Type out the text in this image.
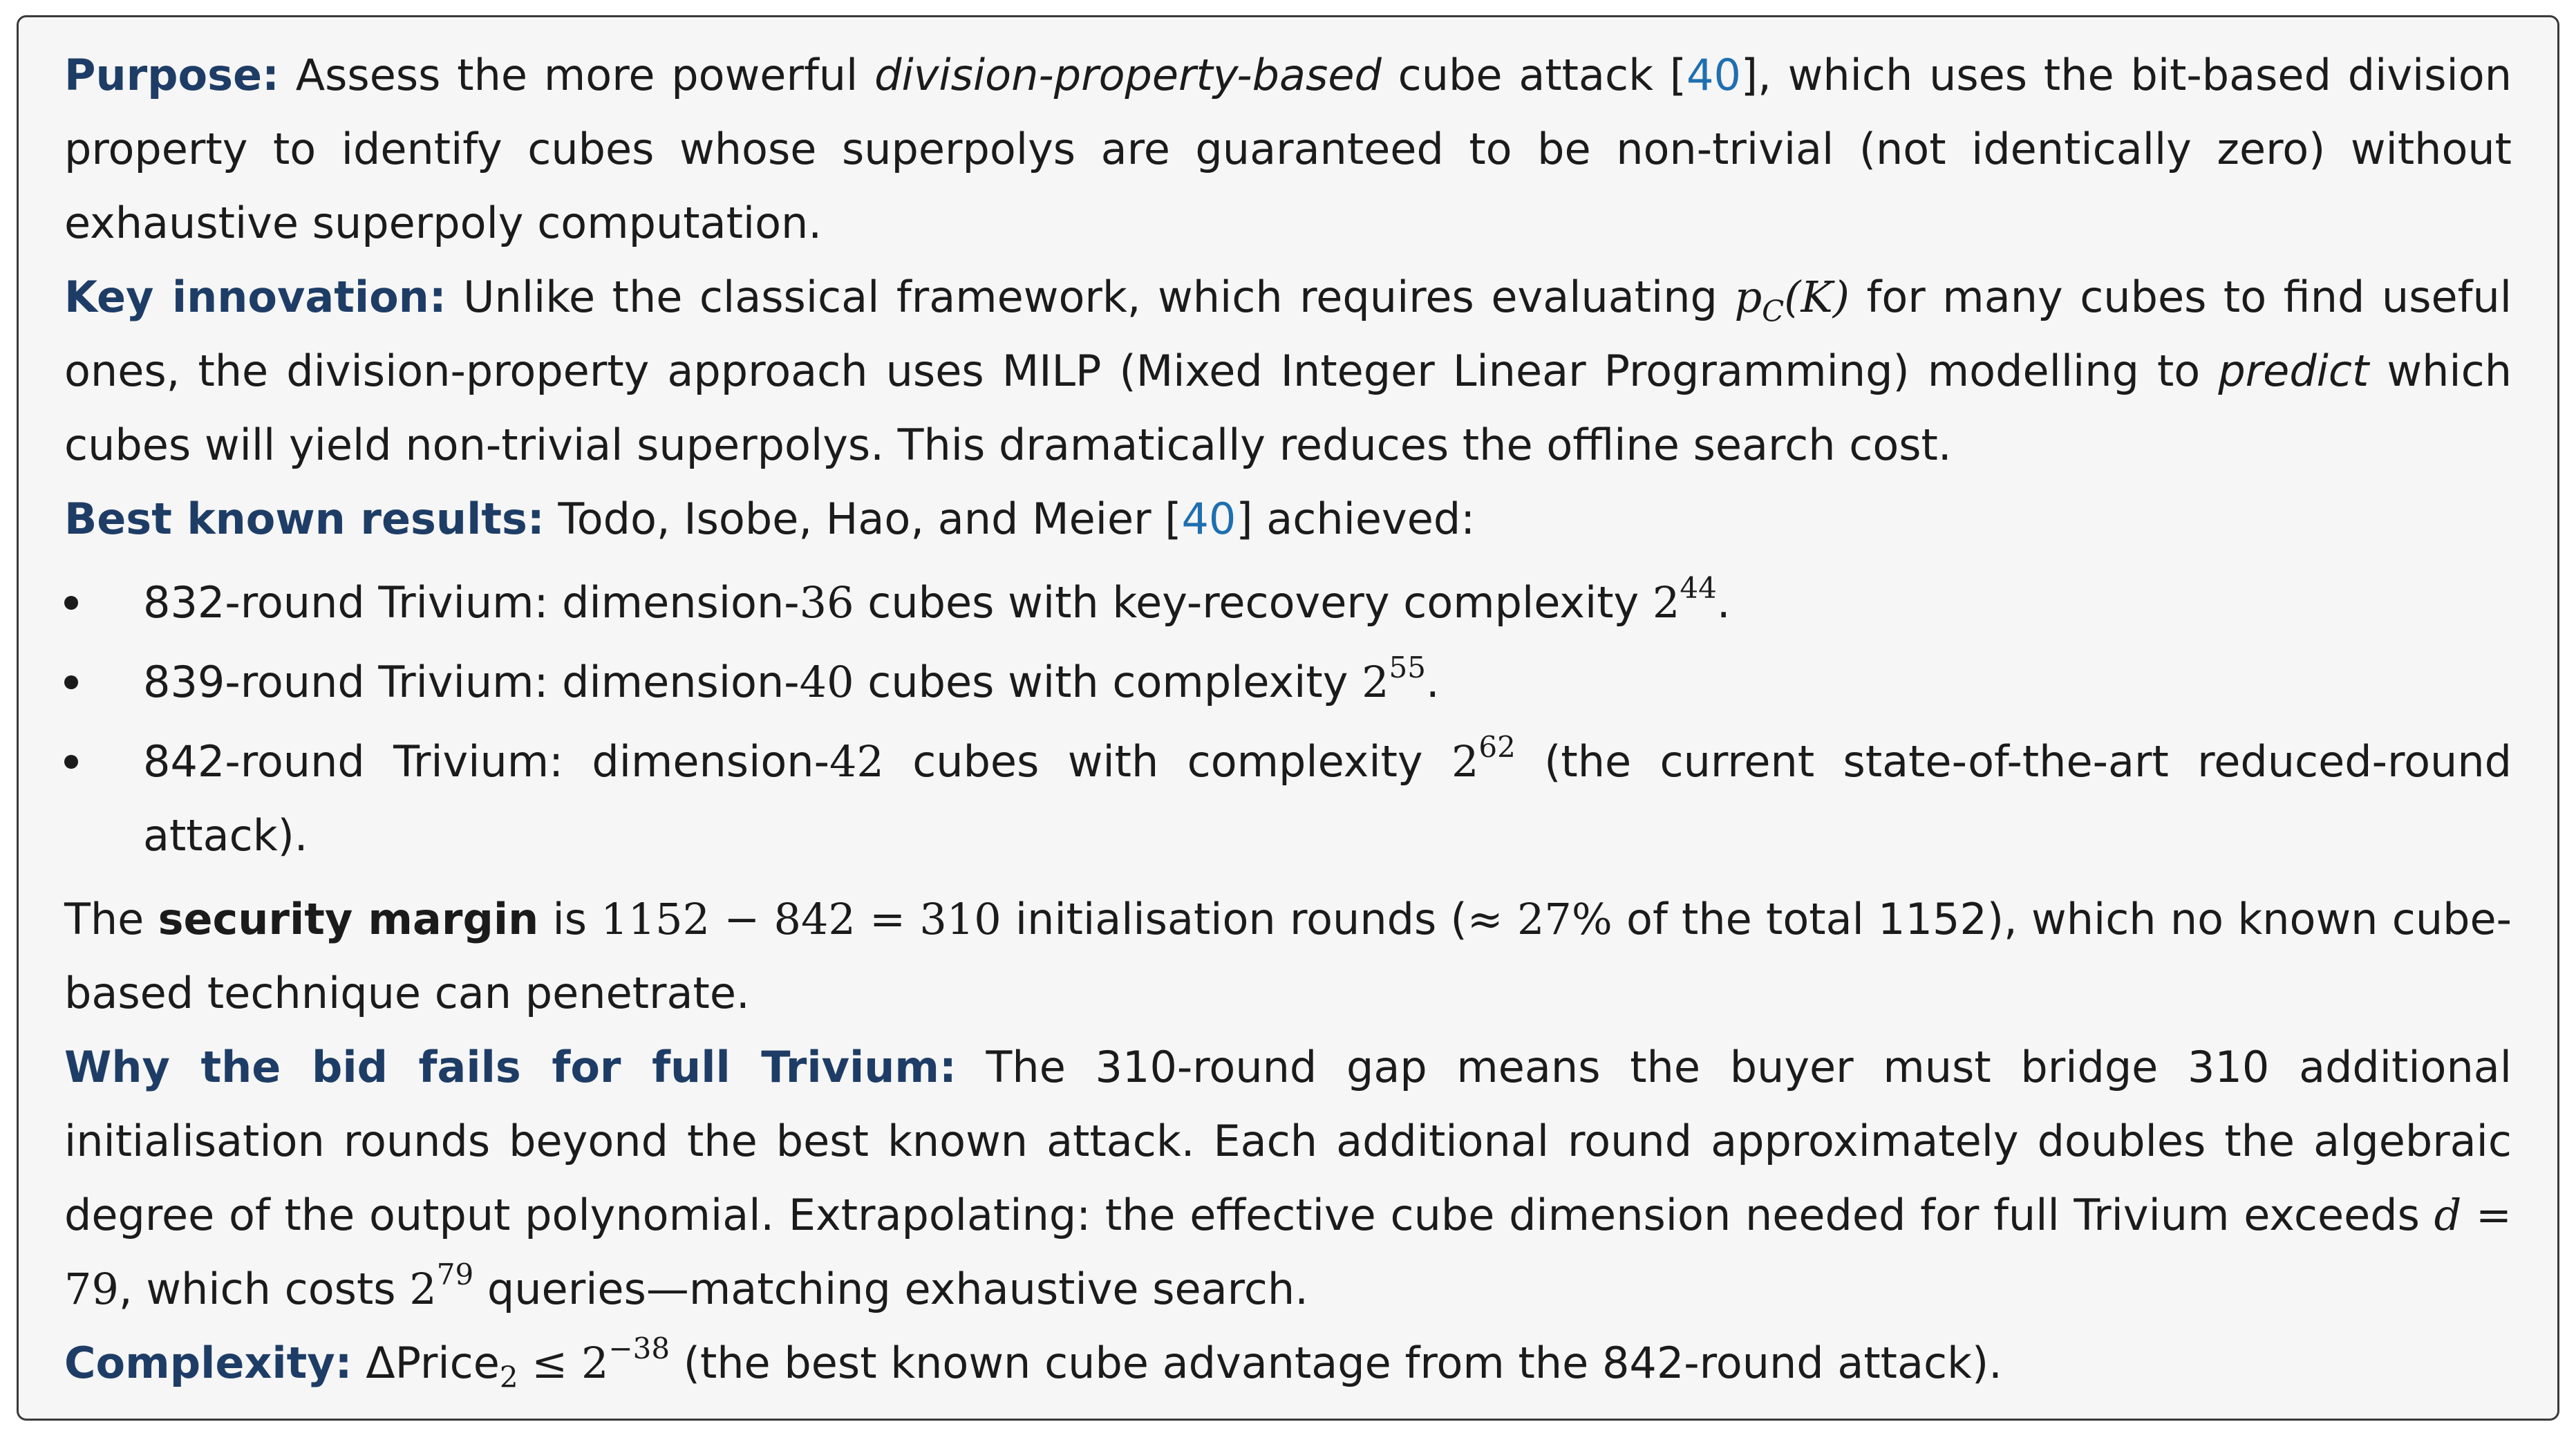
Purpose: Assess the more powerful division-property-based cube attack [40], which uses the bit-based division property to identify cubes whose superpolys are guaranteed to be non-trivial (not identically zero) without exhaustive superpoly computation.

Key innovation: Unlike the classical framework, which requires evaluating $p_C(K)$ for many cubes to find useful ones, the division-property approach uses MILP (Mixed Integer Linear Programming) modelling to predict which cubes will yield non-trivial superpolys. This dramatically reduces the offline search cost.

Best known results: Todo, Isobe, Hao, and Meier [40] achieved:

832-round Trivium: dimension-36 cubes with key-recovery complexity $2^{44}$.
839-round Trivium: dimension-40 cubes with complexity $2^{55}$.
842-round Trivium: dimension-42 cubes with complexity $2^{62}$ (the current state-of-the-art reduced-round attack).

The security margin is 1152 − 842 = 310 initialisation rounds (≈ 27% of the total 1152), which no known cube-based technique can penetrate.

Why the bid fails for full Trivium: The 310-round gap means the buyer must bridge 310 additional initialisation rounds beyond the best known attack. Each additional round approximately doubles the algebraic degree of the output polynomial. Extrapolating: the effective cube dimension needed for full Trivium exceeds d = 79, which costs $2^{79}$ queries—matching exhaustive search.

Complexity: ΔPrice$_2$ ≤ $2^{-38}$ (the best known cube advantage from the 842-round attack).
